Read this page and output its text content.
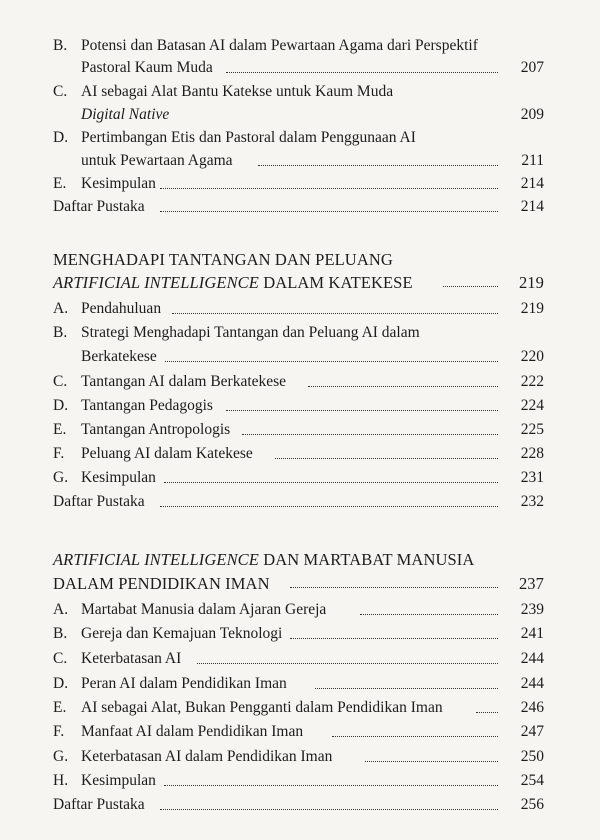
B. Potensi dan Batasan AI dalam Pewartaan Agama dari Perspektif
Pastoral Kaum Muda	207
C. AI sebagai Alat Bantu Katekse untuk Kaum Muda
Digital Native	209
D. Pertimbangan Etis dan Pastoral dalam Penggunaan AI
untuk Pewartaan Agama	211
E. Kesimpulan	214
Daftar Pustaka	214
MENGHADAPI TANTANGAN DAN PELUANG
ARTIFICIAL INTELLIGENCE DALAM KATEKESE	219
A. Pendahuluan	219
B. Strategi Menghadapi Tantangan dan Peluang AI dalam
Berkatekese	220
C. Tantangan AI dalam Berkatekese	222
D. Tantangan Pedagogis	224
E. Tantangan Antropologis	225
F. Peluang AI dalam Katekese	228
G. Kesimpulan	231
Daftar Pustaka	232
ARTIFICIAL INTELLIGENCE DAN MARTABAT MANUSIA
DALAM PENDIDIKAN IMAN	237
A. Martabat Manusia dalam Ajaran Gereja	239
B. Gereja dan Kemajuan Teknologi	241
C. Keterbatasan AI	244
D. Peran AI dalam Pendidikan Iman	244
E. AI sebagai Alat, Bukan Pengganti dalam Pendidikan Iman	246
F. Manfaat AI dalam Pendidikan Iman	247
G. Keterbatasan AI dalam Pendidikan Iman	250
H. Kesimpulan	254
Daftar Pustaka	256
